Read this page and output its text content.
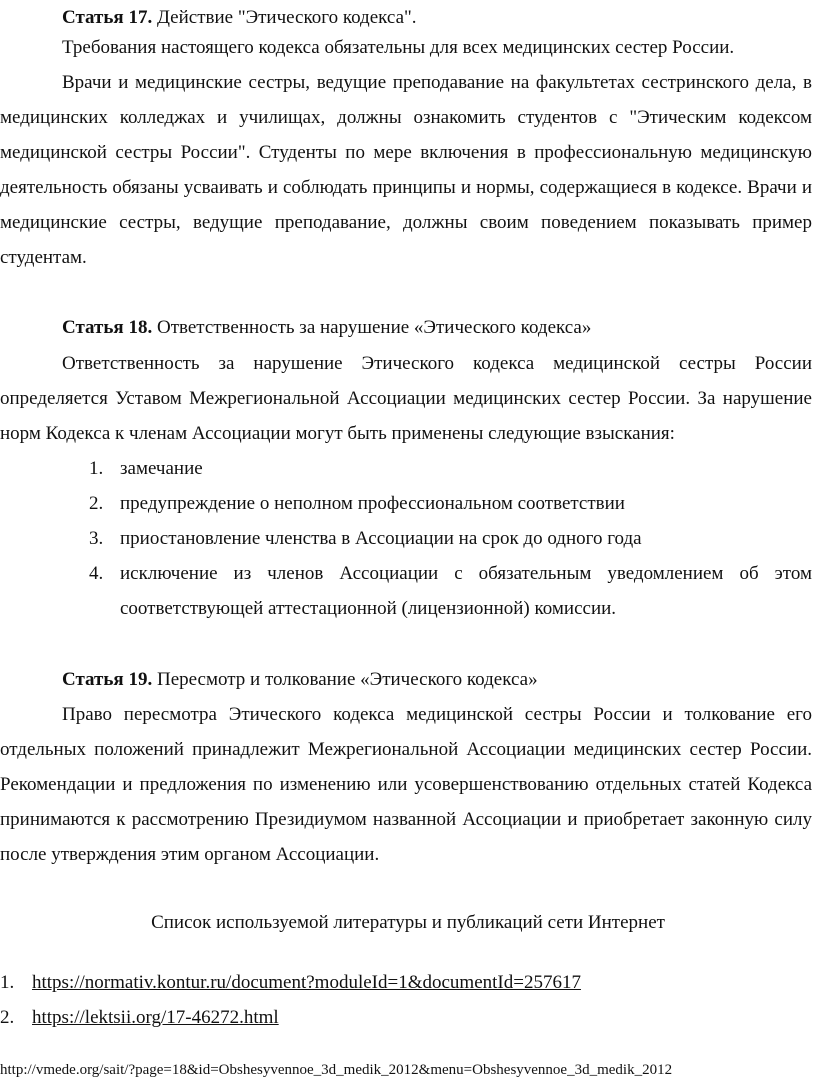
Статья 17. Действие "Этического кодекса".

Требования настоящего кодекса обязательны для всех медицинских сестер России.

Врачи и медицинские сестры, ведущие преподавание на факультетах сестринского дела, в медицинских колледжах и училищах, должны ознакомить студентов с "Этическим кодексом медицинской сестры России". Студенты по мере включения в профессиональную медицинскую деятельность обязаны усваивать и соблюдать принципы и нормы, содержащиеся в кодексе. Врачи и медицинские сестры, ведущие преподавание, должны своим поведением показывать пример студентам.

Статья 18. Ответственность за нарушение «Этического кодекса»

Ответственность за нарушение Этического кодекса медицинской сестры России определяется Уставом Межрегиональной Ассоциации медицинских сестер России. За нарушение норм Кодекса к членам Ассоциации могут быть применены следующие взыскания:

1. замечание
2. предупреждение о неполном профессиональном соответствии
3. приостановление членства в Ассоциации на срок до одного года
4. исключение из членов Ассоциации с обязательным уведомлением об этом соответствующей аттестационной (лицензионной) комиссии.

Статья 19. Пересмотр и толкование «Этического кодекса»

Право пересмотра Этического кодекса медицинской сестры России и толкование его отдельных положений принадлежит Межрегиональной Ассоциации медицинских сестер России. Рекомендации и предложения по изменению или усовершенствованию отдельных статей Кодекса принимаются к рассмотрению Президиумом названной Ассоциации и приобретает законную силу после утверждения этим органом Ассоциации.

Список используемой литературы и публикаций сети Интернет

1. https://normativ.kontur.ru/document?moduleId=1&documentId=257617
2. https://lektsii.org/17-46272.html
http://vmede.org/sait/?page=18&id=Obshesyvennoe_3d_medik_2012&menu=Obshesyvennoe_3d_medik_2012
